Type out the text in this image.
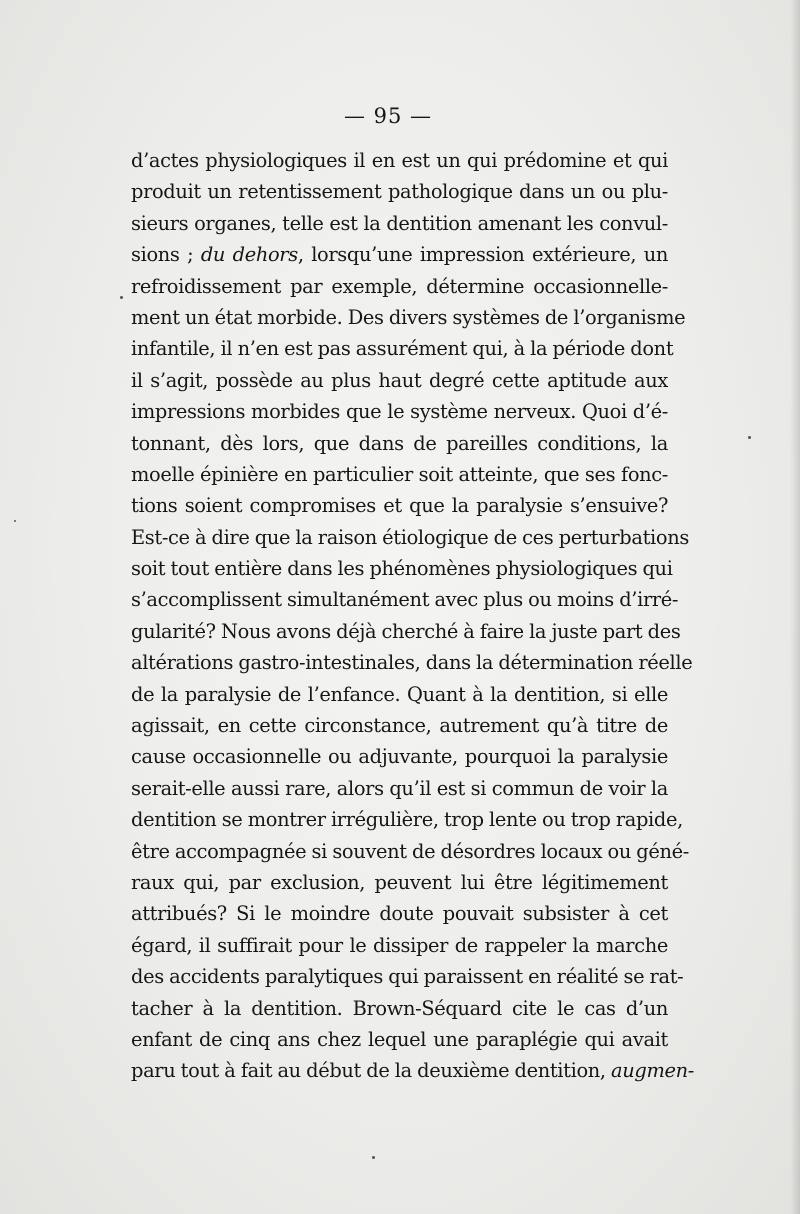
— 95 —
d’actes physiologiques il en est un qui prédomine et qui
produit un retentissement pathologique dans un ou plu-
sieurs organes, telle est la dentition amenant les convul-
sions ; du dehors, lorsqu’une impression extérieure, un
refroidissement par exemple, détermine occasionnelle-
ment un état morbide. Des divers systèmes de l’organisme
infantile, il n’en est pas assurément qui, à la période dont
il s’agit, possède au plus haut degré cette aptitude aux
impressions morbides que le système nerveux. Quoi d’é-
tonnant, dès lors, que dans de pareilles conditions, la
moelle épinière en particulier soit atteinte, que ses fonc-
tions soient compromises et que la paralysie s’ensuive?
Est-ce à dire que la raison étiologique de ces perturbations
soit tout entière dans les phénomènes physiologiques qui
s’accomplissent simultanément avec plus ou moins d’irré-
gularité? Nous avons déjà cherché à faire la juste part des
altérations gastro-intestinales, dans la détermination réelle
de la paralysie de l’enfance. Quant à la dentition, si elle
agissait, en cette circonstance, autrement qu’à titre de
cause occasionnelle ou adjuvante, pourquoi la paralysie
serait-elle aussi rare, alors qu’il est si commun de voir la
dentition se montrer irrégulière, trop lente ou trop rapide,
être accompagnée si souvent de désordres locaux ou géné-
raux qui, par exclusion, peuvent lui être légitimement
attribués? Si le moindre doute pouvait subsister à cet
égard, il suffirait pour le dissiper de rappeler la marche
des accidents paralytiques qui paraissent en réalité se rat-
tacher à la dentition. Brown-Séquard cite le cas d’un
enfant de cinq ans chez lequel une paraplégie qui avait
paru tout à fait au début de la deuxième dentition, augmen-
